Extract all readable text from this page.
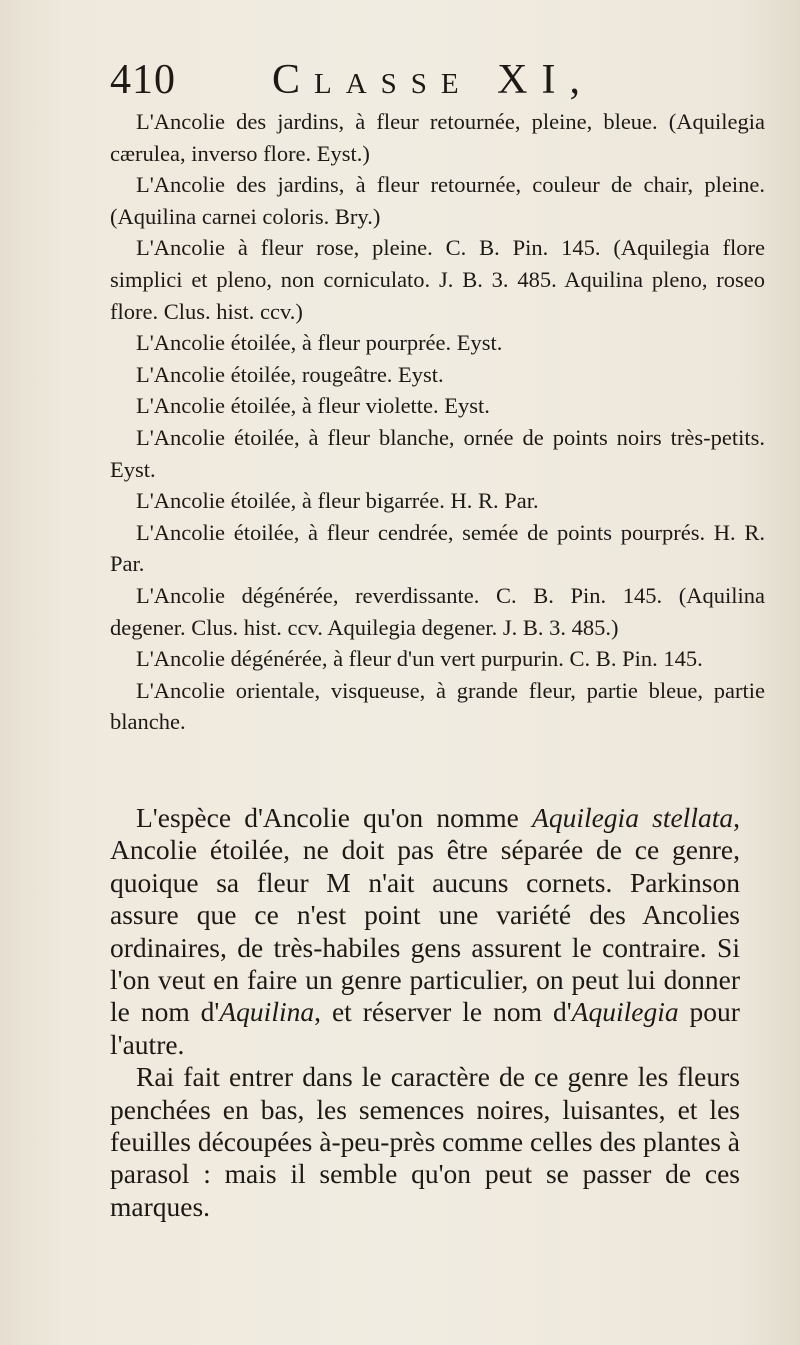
410 Classe XI,

L'Ancolie des jardins, à fleur retournée, pleine, bleue. (Aquilegia cærulea, inverso flore. Eyst.)

L'Ancolie des jardins, à fleur retournée, couleur de chair, pleine. (Aquilina carnei coloris. Bry.)

L'Ancolie à fleur rose, pleine. C. B. Pin. 145. (Aquilegia flore simplici et pleno, non corniculato. J. B. 3. 485. Aquilina pleno, roseo flore. Clus. hist. ccv.)

L'Ancolie étoilée, à fleur pourprée. Eyst.

L'Ancolie étoilée, rougeâtre. Eyst.

L'Ancolie étoilée, à fleur violette. Eyst.

L'Ancolie étoilée, à fleur blanche, ornée de points noirs très-petits. Eyst.

L'Ancolie étoilée, à fleur bigarrée. H. R. Par.

L'Ancolie étoilée, à fleur cendrée, semée de points pourprés. H. R. Par.

L'Ancolie dégénérée, reverdissante. C. B. Pin. 145. (Aquilina degener. Clus. hist. ccv. Aquilegia degener. J. B. 3. 485.)

L'Ancolie dégénérée, à fleur d'un vert purpurin. C. B. Pin. 145.

L'Ancolie orientale, visqueuse, à grande fleur, partie bleue, partie blanche.

L'espèce d'Ancolie qu'on nomme Aquilegia stellata, Ancolie étoilée, ne doit pas être séparée de ce genre, quoique sa fleur M n'ait aucuns cornets. Parkinson assure que ce n'est point une variété des Ancolies ordinaires, de très-habiles gens assurent le contraire. Si l'on veut en faire un genre particulier, on peut lui donner le nom d'Aquilina, et réserver le nom d'Aquilegia pour l'autre.

Rai fait entrer dans le caractère de ce genre les fleurs penchées en bas, les semences noires, luisantes, et les feuilles découpées à-peu-près comme celles des plantes à parasol : mais il semble qu'on peut se passer de ces marques.
